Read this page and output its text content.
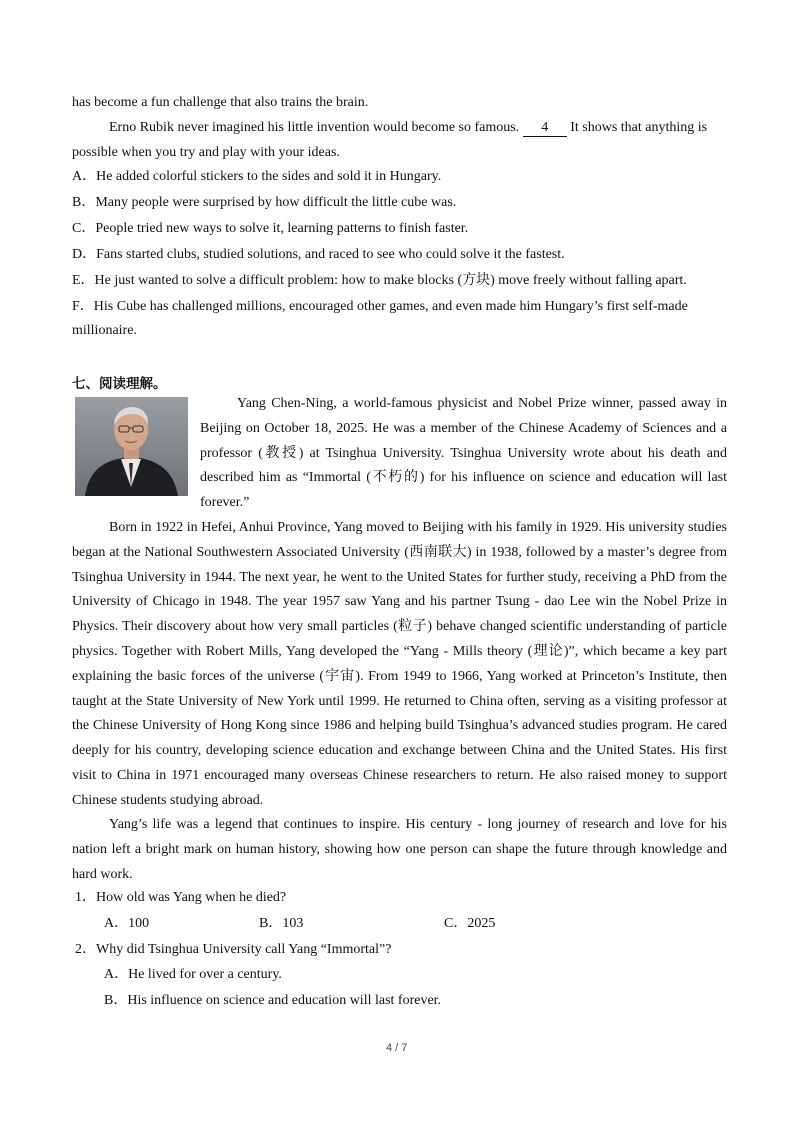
has become a fun challenge that also trains the brain.
Erno Rubik never imagined his little invention would become so famous. 4 It shows that anything is
possible when you try and play with your ideas.
A．He added colorful stickers to the sides and sold it in Hungary.
B．Many people were surprised by how difficult the little cube was.
C．People tried new ways to solve it, learning patterns to finish faster.
D．Fans started clubs, studied solutions, and raced to see who could solve it the fastest.
E．He just wanted to solve a difficult problem: how to make blocks (方块) move freely without falling apart.
F．His Cube has challenged millions, encouraged other games, and even made him Hungary’s first self-made
millionaire.
七、阅读理解。
Yang Chen-Ning, a world-famous physicist and Nobel Prize winner, passed away in Beijing on October 18, 2025. He was a member of the Chinese Academy of Sciences and a professor (教授) at Tsinghua University. Tsinghua University wrote about his death and described him as “Immortal (不朽的) for his influence on science and education will last forever.”
Born in 1922 in Hefei, Anhui Province, Yang moved to Beijing with his family in 1929. His university studies began at the National Southwestern Associated University (西南联大) in 1938, followed by a master’s degree from Tsinghua University in 1944. The next year, he went to the United States for further study, receiving a PhD from the University of Chicago in 1948. The year 1957 saw Yang and his partner Tsung - dao Lee win the Nobel Prize in Physics. Their discovery about how very small particles (粒子) behave changed scientific understanding of particle physics. Together with Robert Mills, Yang developed the “Yang - Mills theory (理论)”, which became a key part explaining the basic forces of the universe (宇宙). From 1949 to 1966, Yang worked at Princeton’s Institute, then taught at the State University of New York until 1999. He returned to China often, serving as a visiting professor at the Chinese University of Hong Kong since 1986 and helping build Tsinghua’s advanced studies program. He cared deeply for his country, developing science education and exchange between China and the United States. His first visit to China in 1971 encouraged many overseas Chinese researchers to return. He also raised money to support Chinese students studying abroad.
Yang’s life was a legend that continues to inspire. His century - long journey of research and love for his nation left a bright mark on human history, showing how one person can shape the future through knowledge and hard work.
1．How old was Yang when he died?
A．100	B．103	C．2025
2．Why did Tsinghua University call Yang “Immortal”?
A．He lived for over a century.
B．His influence on science and education will last forever.
4 / 7
